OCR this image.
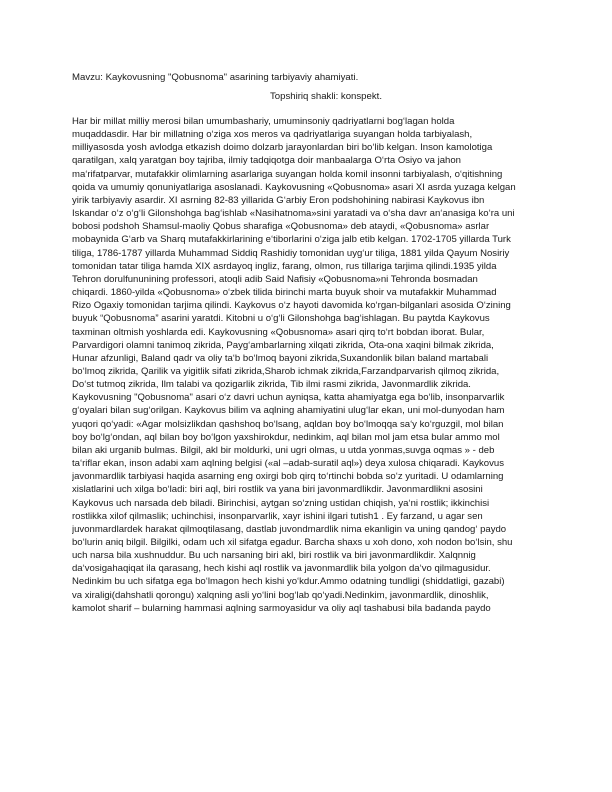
Mavzu: Kaykovusning "Qobusnoma" asarining tarbiyaviy ahamiyati.

Topshiriq shakli: konspekt.

Har bir millat milliy merosi bilan umumbashariy, umuminsoniy qadriyatlarni bog‘lagan holda
muqaddasdir. Har bir millatning o‘ziga xos meros va qadriyatlariga suyangan holda tarbiyalash,
milliyasosda yosh avlodga etkazish doimo dolzarb jarayonlardan biri bo‘lib kelgan. Inson kamolotiga
qaratilgan, xalq yaratgan boy tajriba, ilmiy tadqiqotga doir manbaalarga O‘rta Osiyo va jahon
ma‘rifatparvar, mutafakkir olimlarning asarlariga suyangan holda komil insonni tarbiyalash, o‘qitishning
qoida va umumiy qonuniyatlariga asoslanadi. Kaykovusning «Qobusnoma» asari XI asrda yuzaga kelgan
yirik tarbiyaviy asardir. XI asrning 82-83 yillarida G‘arbiy Eron podshohining nabirasi Kaykovus ibn
Iskandar o‘z o‘g‘li Gilonshohga bag‘ishlab «Nasihatnoma»sini yaratadi va o‘sha davr an‘anasiga ko‘ra uni
bobosi podshoh Shamsul-maoliy Qobus sharafiga «Qobusnoma» deb ataydi, «Qobusnoma» asrlar
mobaynida G‘arb va Sharq mutafakkirlarining e‘tiborlarini o‘ziga jalb etib kelgan. 1702-1705 yillarda Turk
tiliga, 1786-1787 yillarda Muhammad Siddiq Rashidiy tomonidan uyg‘ur tiliga, 1881 yilda Qayum Nosiriy
tomonidan tatar tiliga hamda XIX asrdayoq ingliz, farang, olmon, rus tillariga tarjima qilindi.1935 yilda
Tehron dorulfununining professori, atoqli adib Said Nafisiy «Qobusnoma»ni Tehronda bosmadan
chiqardi. 1860-yilda «Qobusnoma» o‘zbek tilida birinchi marta buyuk shoir va mutafakkir Muhammad
Rizo Ogaxiy tomonidan tarjima qilindi. Kaykovus o‘z hayoti davomida ko‘rgan-bilganlari asosida O‘zining
buyuk “Qobusnoma” asarini yaratdi. Kitobni u o‘g‘li Gilonshohga bag‘ishlagan. Bu paytda Kaykovus
taxminan oltmish yoshlarda edi. Kaykovusning «Qobusnoma» asari qirq to‘rt bobdan iborat. Bular,
Parvardigori olamni tanimoq zikrida, Payg‘ambarlarning xilqati zikrida, Ota-ona xaqini bilmak zikrida,
Hunar afzunligi, Baland qadr va oliy ta‘b bo‘lmoq bayoni zikrida,Suxandonlik bilan baland martabali
bo‘lmoq zikrida, Qarilik va yigitlik sifati zikrida,Sharob ichmak zikrida,Farzandparvarish qilmoq zikrida,
Do‘st tutmoq zikrida, Ilm talabi va qozigarlik zikrida, Tib ilmi rasmi zikrida, Javonmardlik zikrida.
Kaykovusning "Qobusnoma" asari o‘z davri uchun ayniqsa, katta ahamiyatga ega bo‘lib, insonparvarlik
g‘oyalari bilan sug‘orilgan. Kaykovus bilim va aqlning ahamiyatini ulug‘lar ekan, uni mol-dunyodan ham
yuqori qo‘yadi: «Agar molsizlikdan qashshoq bo‘lsang, aqldan boy bo‘lmoqqa sa‘y ko‘rguzgil, mol bilan
boy bo‘lg‘ondan, aql bilan boy bo‘lgon yaxshirokdur, nedinkim, aql bilan mol jam etsa bular ammo mol
bilan aki urganib bulmas. Bilgil, akl bir moldurki, uni ugri olmas, u utda yonmas,suvga oqmas » - deb
ta‘riflar ekan, inson adabi xam aqlning belgisi («al –adab-suratil aql») deya xulosa chiqaradi. Kaykovus
javonmardlik tarbiyasi haqida asarning eng oxirgi bob qirq to‘rtinchi bobda so‘z yuritadi. U odamlarning
xislatlarini uch xilga bo‘ladi: biri aql, biri rostlik va yana biri javonmardlikdir. Javonmardlikni asosini
Kaykovus uch narsada deb biladi. Birinchisi, aytgan so‘zning ustidan chiqish, ya‘ni rostlik; ikkinchisi
rostlikka xilof qilmaslik; uchinchisi, insonparvarlik, xayr ishini ilgari tutish1 . Ey farzand, u agar sen
juvonmardlardek harakat qilmoqtilasang, dastlab juvondmardlik nima ekanligin va uning qandog‘ paydo
bo‘lurin aniq bilgil. Bilgilki, odam uch xil sifatga egadur. Barcha shaxs u xoh dono, xoh nodon bo‘lsin, shu
uch narsa bila xushnuddur. Bu uch narsaning biri akl, biri rostlik va biri javonmardlikdir. Xalqnnig
da‘vosigahaqiqat ila qarasang, hech kishi aql rostlik va javonmardlik bila yolgon da‘vo qilmagusidur.
Nedinkim bu uch sifatga ega bo‘lmagon hech kishi yo‘kdur.Ammo odatning tundligi (shiddatligi, gazabi)
va xiraligi(dahshatli qorongu) xalqning asli yo‘lini bog‘lab qo‘yadi.Nedinkim, javonmardlik, dinoshlik,
kamolot sharif – bularning hammasi aqlning sarmoyasidur va oliy aql tashabusi bila badanda paydo
